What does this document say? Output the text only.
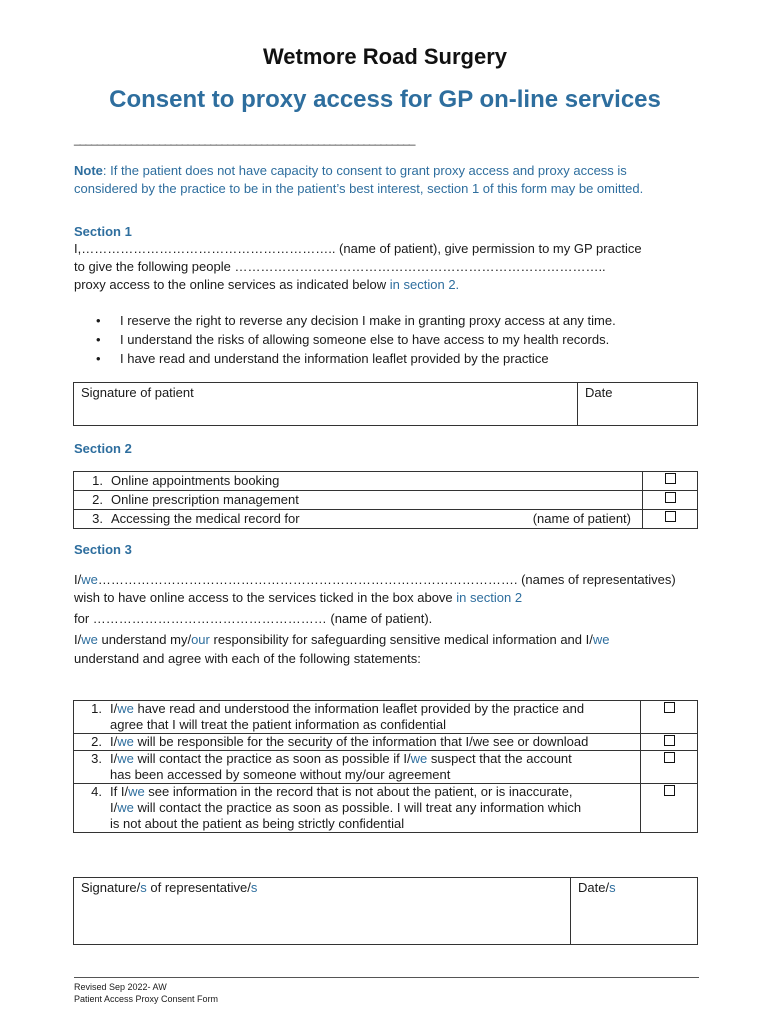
Wetmore Road Surgery
Consent to proxy access for GP on-line services
____________________________________________________________
Note: If the patient does not have capacity to consent to grant proxy access and proxy access is
considered by the practice to be in the patient’s best interest, section 1 of this form may be omitted.
Section 1
I,………………………………………………….. (name of patient), give permission to my GP practice
to give the following people …………………………………………………………………………..
proxy access to the online services as indicated below in section 2.
• I reserve the right to reverse any decision I make in granting proxy access at any time.
• I understand the risks of allowing someone else to have access to my health records.
• I have read and understand the information leaflet provided by the practice
Signature of patient	Date
Section 2
1. Online appointments booking	
2. Online prescription management	
3. Accessing the medical record for (name of patient)	

Section 3
I/we……………………………………………………………………………………. (names of representatives)
wish to have online access to the services ticked in the box above in section 2
for ……………………………………………… (name of patient).
I/we understand my/our responsibility for safeguarding sensitive medical information and I/we
understand and agree with each of the following statements:
1. I/we have read and understood the information leaflet provided by the practice and
agree that I will treat the patient information as confidential	

2. I/we will be responsible for the security of the information that I/we see or download	

3. I/we will contact the practice as soon as possible if I/we suspect that the account
has been accessed by someone without my/our agreement	

4. If I/we see information in the record that is not about the patient, or is inaccurate,
I/we will contact the practice as soon as possible. I will treat any information which
is not about the patient as being strictly confidential	

Signature/s of representative/s	Date/s
Revised Sep 2022- AW
Patient Access Proxy Consent Form
